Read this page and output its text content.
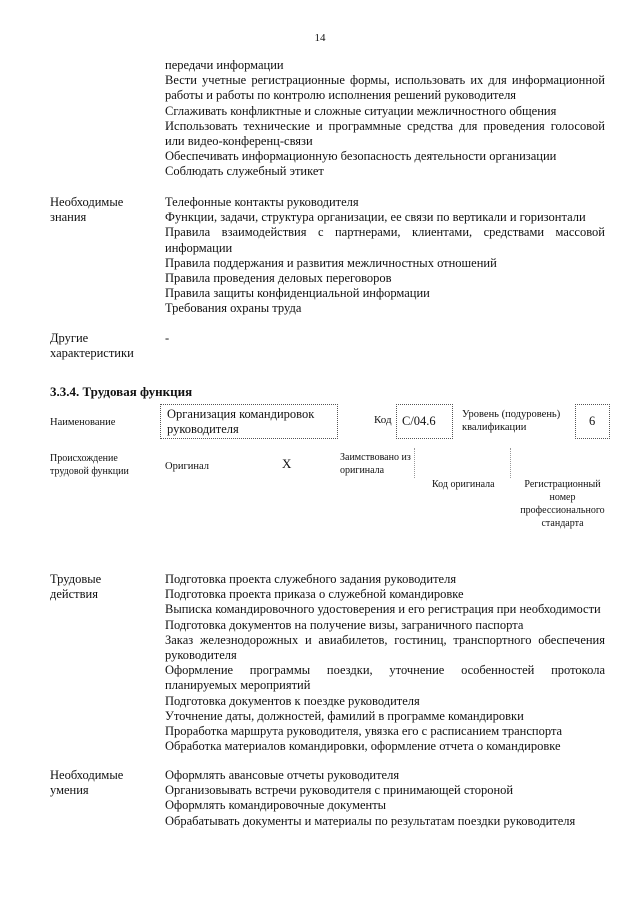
14

передачи информации

Вести учетные регистрационные формы, использовать их для информационной работы и работы по контролю исполнения решений руководителя

Сглаживать конфликтные и сложные ситуации межличностного общения

Использовать технические и программные средства для проведения голосовой или видео-конференц-связи

Обеспечивать информационную безопасность деятельности организации

Соблюдать служебный этикет

Необходимые знания

Телефонные контакты руководителя

Функции, задачи, структура организации, ее связи по вертикали и горизонтали

Правила взаимодействия с партнерами, клиентами, средствами массовой информации

Правила поддержания и развития межличностных отношений

Правила проведения деловых переговоров

Правила защиты конфиденциальной информации

Требования охраны труда

Другие характеристики
-
3.3.4. Трудовая функция
Наименование
Организация командировок руководителя
Код С/04.6	Уровень (подуровень) квалификации	6
Происхождение трудовой функции	Оригинал	X	Заимствовано из оригинала
Код оригинала	Регистрационный номер профессионального стандарта
Трудовые действия

Подготовка проекта служебного задания руководителя

Подготовка проекта приказа о служебной командировке

Выписка командировочного удостоверения и его регистрация при необходимости

Подготовка документов на получение визы, заграничного паспорта

Заказ железнодорожных и авиабилетов, гостиниц, транспортного обеспечения руководителя

Оформление программы поездки, уточнение особенностей протокола планируемых мероприятий

Подготовка документов к поездке руководителя

Уточнение даты, должностей, фамилий в программе командировки

Проработка маршрута руководителя, увязка его с расписанием транспорта

Обработка материалов командировки, оформление отчета о командировке

Необходимые умения

Оформлять авансовые отчеты руководителя

Организовывать встречи руководителя с принимающей стороной

Оформлять командировочные документы

Обрабатывать документы и материалы по результатам поездки руководителя
